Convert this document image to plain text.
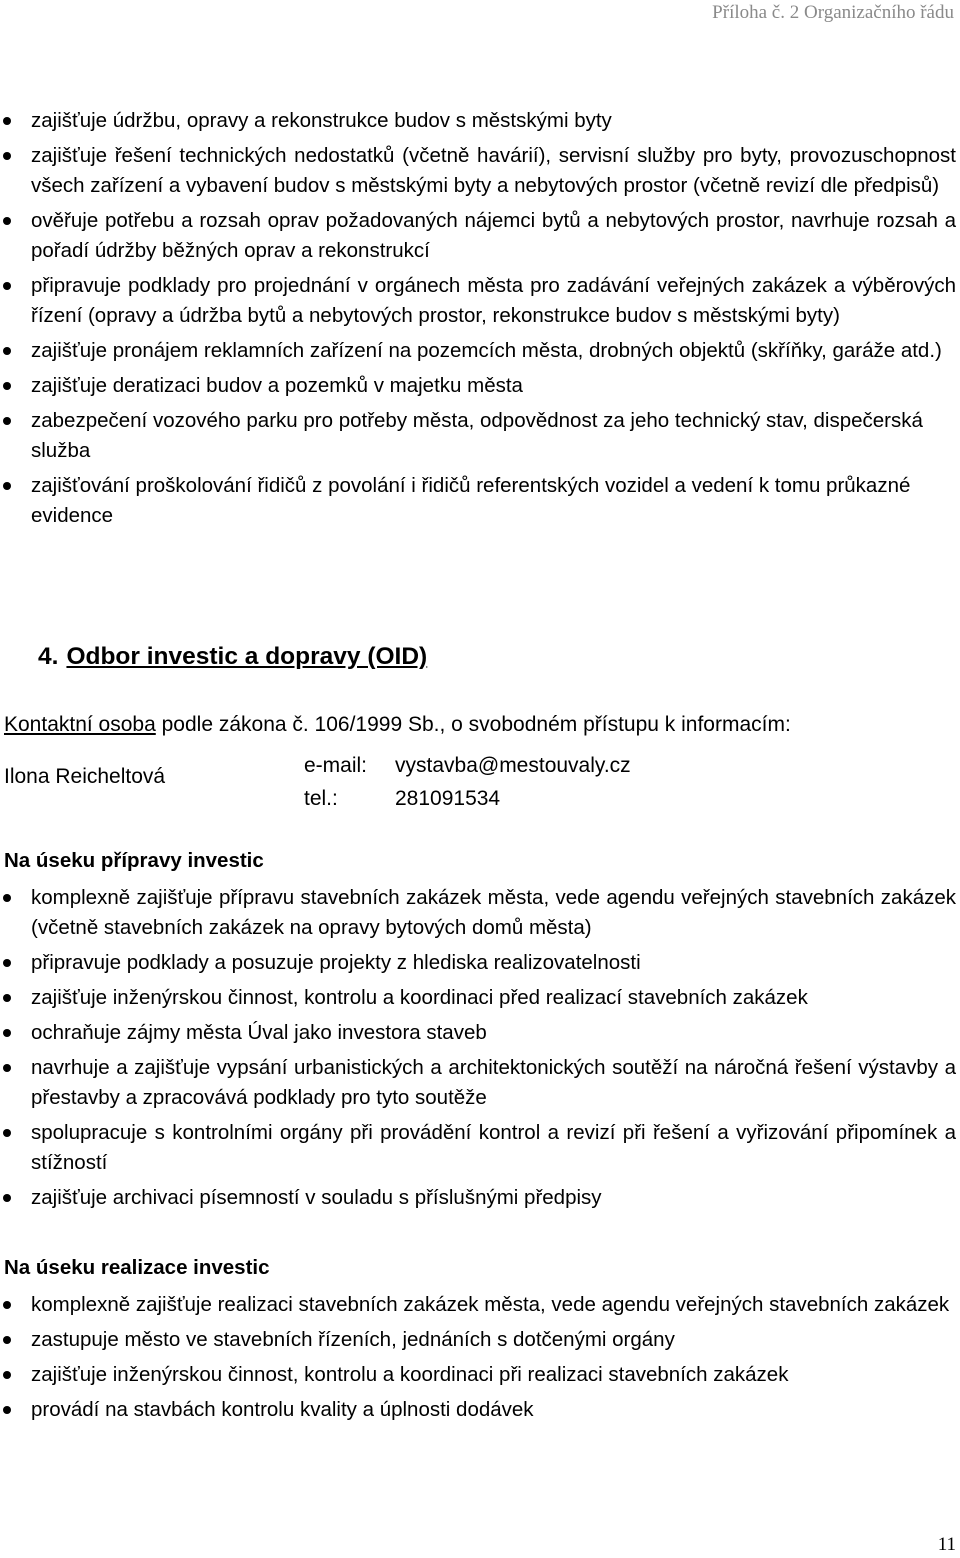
Příloha č. 2 Organizačního řádu
zajišťuje údržbu, opravy a rekonstrukce budov s městskými byty
zajišťuje řešení technických nedostatků (včetně havárií), servisní služby pro byty, provozuschopnost všech zařízení a vybavení budov s městskými byty a nebytových prostor (včetně revizí dle předpisů)
ověřuje potřebu a rozsah oprav požadovaných nájemci bytů a nebytových prostor, navrhuje rozsah a pořadí údržby běžných oprav a rekonstrukcí
připravuje podklady pro projednání v orgánech města pro zadávání veřejných zakázek a výběrových řízení (opravy a údržba bytů a nebytových prostor, rekonstrukce budov s městskými byty)
zajišťuje pronájem reklamních zařízení na pozemcích města, drobných objektů (skříňky, garáže atd.)
zajišťuje deratizaci budov a pozemků v majetku města
zabezpečení vozového parku pro potřeby města, odpovědnost za jeho technický stav, dispečerská služba
zajišťování proškolování řidičů z povolání i řidičů referentských vozidel a vedení k tomu průkazné evidence
4. Odbor investic a dopravy (OID)
Kontaktní osoba podle zákona č. 106/1999 Sb., o svobodném přístupu k informacím:
Ilona Reicheltová	e-mail: vystavba@mestouvaly.cz
tel.:	281091534
Na úseku přípravy investic
komplexně zajišťuje přípravu stavebních zakázek města, vede agendu veřejných stavebních zakázek (včetně stavebních zakázek na opravy bytových domů města)
připravuje podklady a posuzuje projekty z hlediska realizovatelnosti
zajišťuje inženýrskou činnost, kontrolu a koordinaci před realizací stavebních zakázek
ochraňuje zájmy města Úval jako investora staveb
navrhuje a zajišťuje vypsání urbanistických a architektonických soutěží na náročná řešení výstavby a přestavby a zpracovává podklady pro tyto soutěže
spolupracuje s kontrolními orgány při provádění kontrol a revizí při řešení a vyřizování připomínek a stížností
zajišťuje archivaci písemností v souladu s příslušnými předpisy
Na úseku realizace investic
komplexně zajišťuje realizaci stavebních zakázek města, vede agendu veřejných stavebních zakázek
zastupuje město ve stavebních řízeních, jednáních s dotčenými orgány
zajišťuje inženýrskou činnost, kontrolu a koordinaci při realizaci stavebních zakázek
provádí na stavbách kontrolu kvality a úplnosti dodávek
11
